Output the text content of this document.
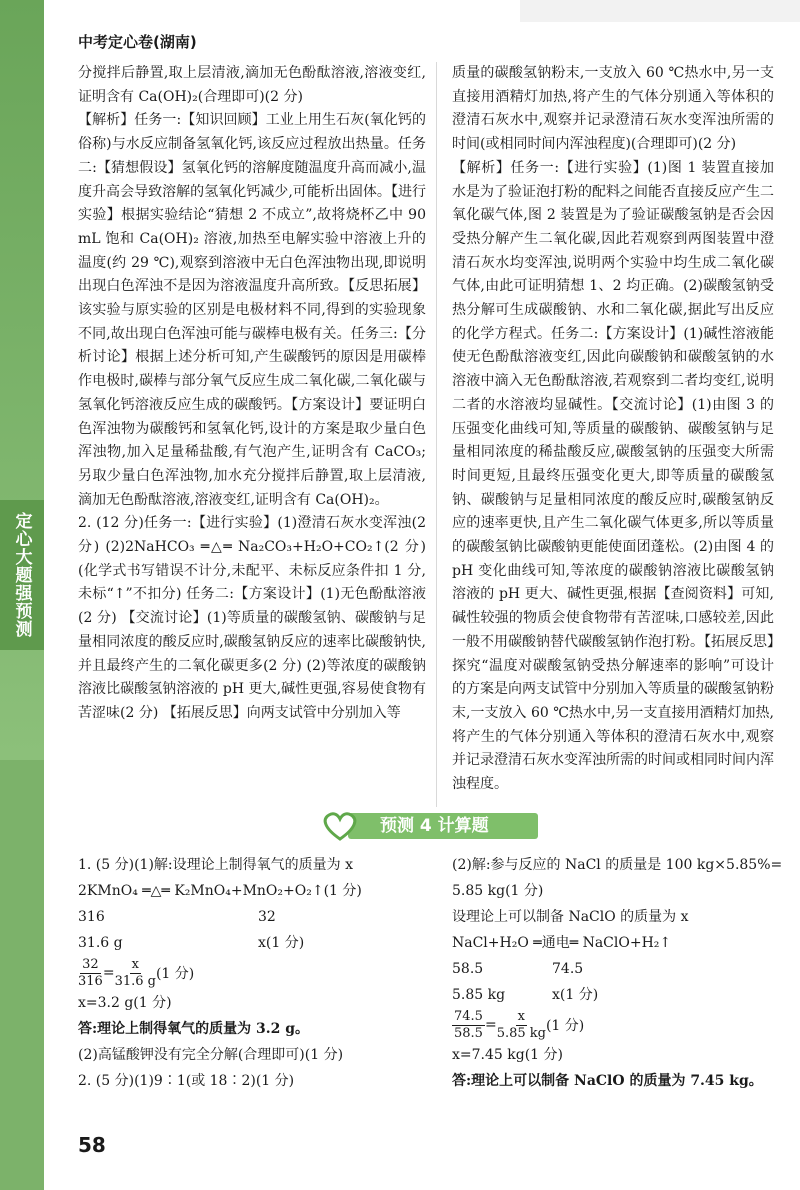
定心大题强预测
中考定心卷(湖南)

分搅拌后静置,取上层清液,滴加无色酚酞溶液,溶液变红,证明含有 Ca(OH)₂(合理即可)(2 分)

【解析】任务一:【知识回顾】工业上用生石灰(氧化钙的俗称)与水反应制备氢氧化钙,该反应过程放出热量。任务二:【猜想假设】氢氧化钙的溶解度随温度升高而减小,温度升高会导致溶解的氢氧化钙减少,可能析出固体。【进行实验】根据实验结论“猜想 2 不成立”,故将烧杯乙中 90 mL 饱和 Ca(OH)₂ 溶液,加热至电解实验中溶液上升的温度(约 29 ℃),观察到溶液中无白色浑浊物出现,即说明出现白色浑浊不是因为溶液温度升高所致。【反思拓展】该实验与原实验的区别是电极材料不同,得到的实验现象不同,故出现白色浑浊可能与碳棒电极有关。任务三:【分析讨论】根据上述分析可知,产生碳酸钙的原因是用碳棒作电极时,碳棒与部分氧气反应生成二氧化碳,二氧化碳与氢氧化钙溶液反应生成的碳酸钙。【方案设计】要证明白色浑浊物为碳酸钙和氢氧化钙,设计的方案是取少量白色浑浊物,加入足量稀盐酸,有气泡产生,证明含有 CaCO₃;另取少量白色浑浊物,加水充分搅拌后静置,取上层清液,滴加无色酚酞溶液,溶液变红,证明含有 Ca(OH)₂。

2. (12 分)任务一:【进行实验】(1)澄清石灰水变浑浊(2 分) (2)2NaHCO₃ ═△═ Na₂CO₃+H₂O+CO₂↑(2 分)(化学式书写错误不计分,未配平、未标反应条件扣 1 分,未标“↑”不扣分) 任务二:【方案设计】(1)无色酚酞溶液(2 分) 【交流讨论】(1)等质量的碳酸氢钠、碳酸钠与足量相同浓度的酸反应时,碳酸氢钠反应的速率比碳酸钠快,并且最终产生的二氧化碳更多(2 分) (2)等浓度的碳酸钠溶液比碳酸氢钠溶液的 pH 更大,碱性更强,容易使食物有苦涩味(2 分) 【拓展反思】向两支试管中分别加入等

质量的碳酸氢钠粉末,一支放入 60 ℃热水中,另一支直接用酒精灯加热,将产生的气体分别通入等体积的澄清石灰水中,观察并记录澄清石灰水变浑浊所需的时间(或相同时间内浑浊程度)(合理即可)(2 分)

【解析】任务一:【进行实验】(1)图 1 装置直接加水是为了验证泡打粉的配料之间能否直接反应产生二氧化碳气体,图 2 装置是为了验证碳酸氢钠是否会因受热分解产生二氧化碳,因此若观察到两图装置中澄清石灰水均变浑浊,说明两个实验中均生成二氧化碳气体,由此可证明猜想 1、2 均正确。(2)碳酸氢钠受热分解可生成碳酸钠、水和二氧化碳,据此写出反应的化学方程式。任务二:【方案设计】(1)碱性溶液能使无色酚酞溶液变红,因此向碳酸钠和碳酸氢钠的水溶液中滴入无色酚酞溶液,若观察到二者均变红,说明二者的水溶液均显碱性。【交流讨论】(1)由图 3 的压强变化曲线可知,等质量的碳酸钠、碳酸氢钠与足量相同浓度的稀盐酸反应,碳酸氢钠的压强变大所需时间更短,且最终压强变化更大,即等质量的碳酸氢钠、碳酸钠与足量相同浓度的酸反应时,碳酸氢钠反应的速率更快,且产生二氧化碳气体更多,所以等质量的碳酸氢钠比碳酸钠更能使面团蓬松。(2)由图 4 的 pH 变化曲线可知,等浓度的碳酸钠溶液比碳酸氢钠溶液的 pH 更大、碱性更强,根据【查阅资料】可知,碱性较强的物质会使食物带有苦涩味,口感较差,因此一般不用碳酸钠替代碳酸氢钠作泡打粉。【拓展反思】探究“温度对碳酸氢钠受热分解速率的影响”可设计的方案是向两支试管中分别加入等质量的碳酸氢钠粉末,一支放入 60 ℃热水中,另一支直接用酒精灯加热,将产生的气体分别通入等体积的澄清石灰水中,观察并记录澄清石灰水变浑浊所需的时间或相同时间内浑浊程度。

预测 4 计算题
1. (5 分)(1)解:设理论上制得氧气的质量为 x
2KMnO₄ ═△═ K₂MnO₄+MnO₂+O₂↑(1 分)
316	32
31.6 g	x(1 分)
$\frac{32}{316} = \frac{x}{31.6 g} (1$ 分)
x=3.2 g(1 分)
答:理论上制得氧气的质量为 3.2 g。
(2)高锰酸钾没有完全分解(合理即可)(1 分)
2. (5 分)(1)9∶1(或 18∶2)(1 分)
(2)解:参与反应的 NaCl 的质量是 100 kg×5.85%=
5.85 kg(1 分)
设理论上可以制备 NaClO 的质量为 x
NaCl+H₂O ═通电═ NaClO+H₂↑
58.5	74.5
5.85 kg	x(1 分)
$\frac{74.5}{58.5} = \frac{x}{5.85 kg} (1$ 分)
x=7.45 kg(1 分)
答:理论上可以制备 NaClO 的质量为 7.45 kg。
58
